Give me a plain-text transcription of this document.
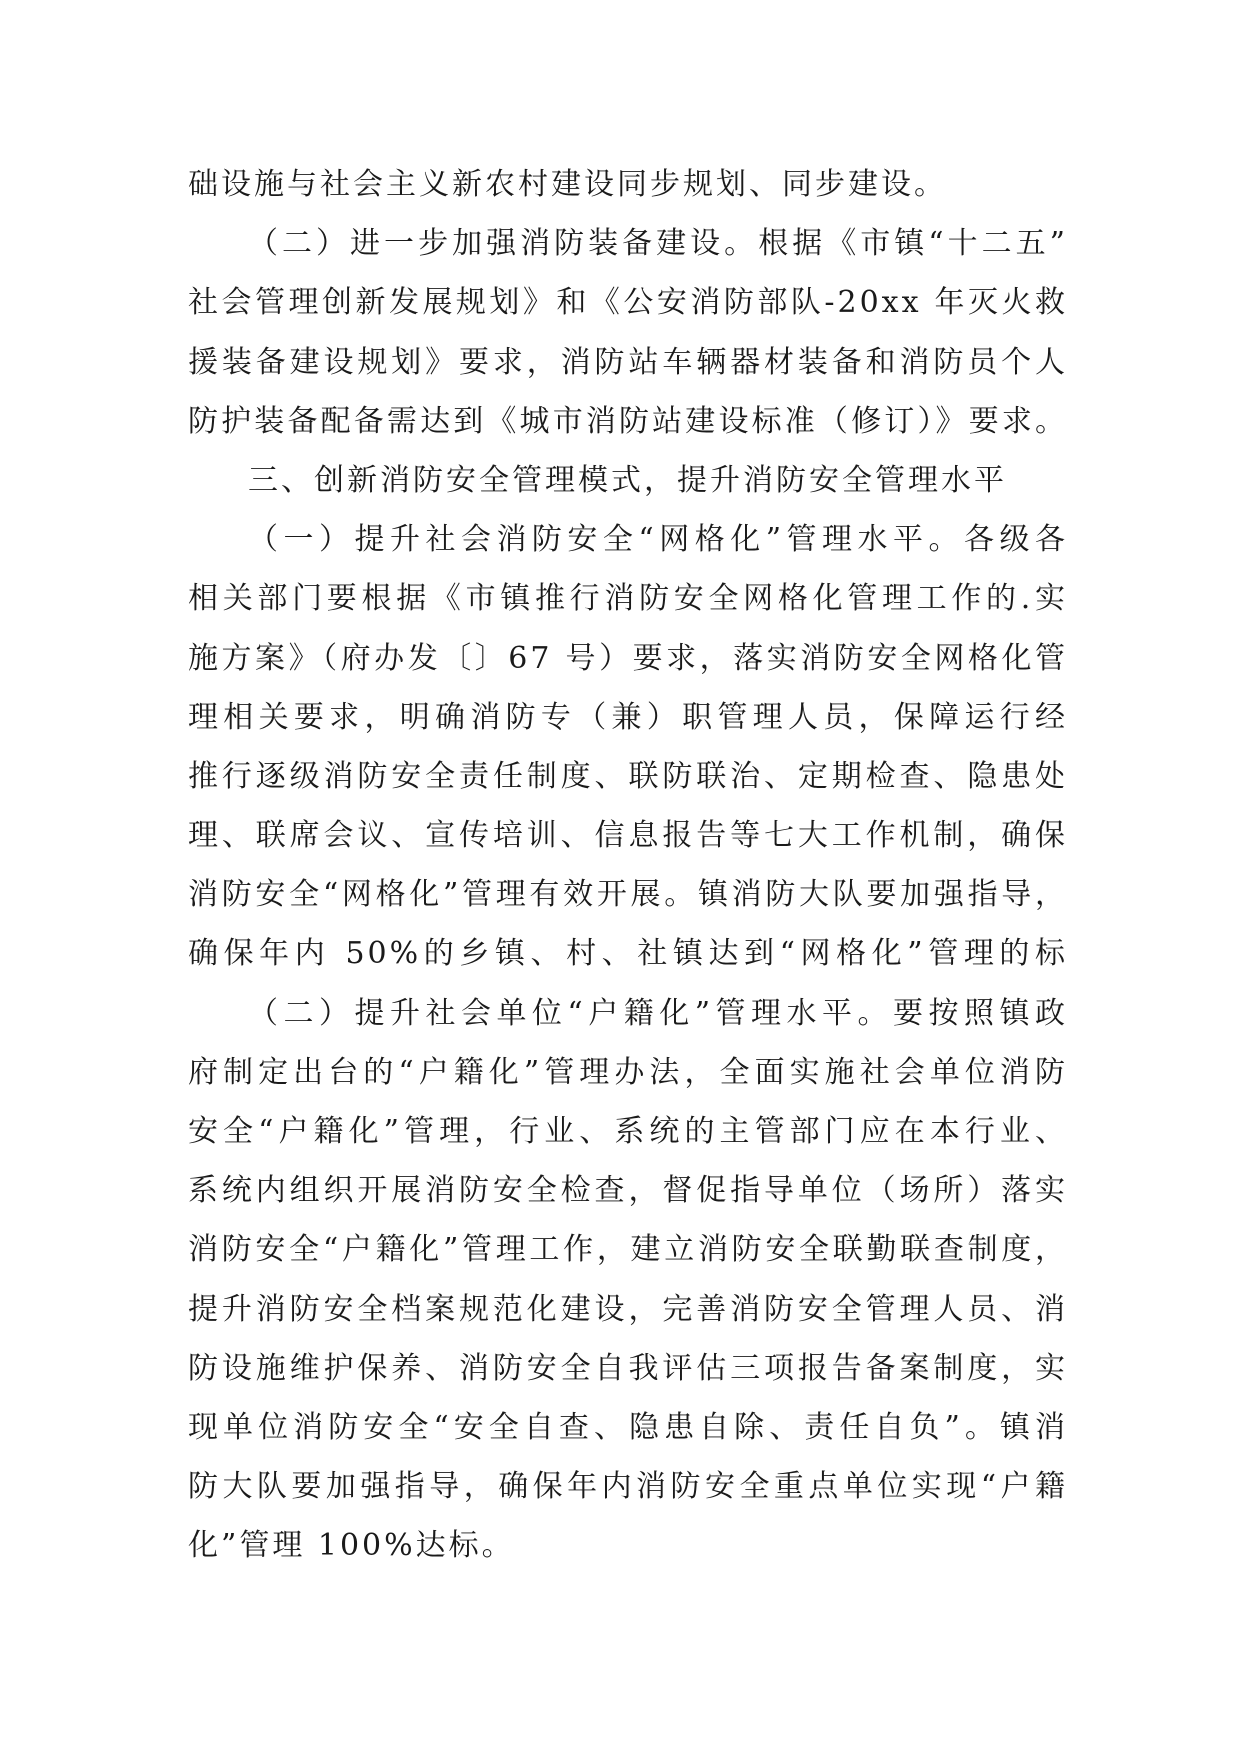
础设施与社会主义新农村建设同步规划、同步建设。
（二）进一步加强消防装备建设。根据《市镇“十二五”
社会管理创新发展规划》和《公安消防部队-20xx 年灭火救
援装备建设规划》要求，消防站车辆器材装备和消防员个人
防护装备配备需达到《城市消防站建设标准（修订）》要求。
三、创新消防安全管理模式，提升消防安全管理水平
（一）提升社会消防安全“网格化”管理水平。各级各
相关部门要根据《市镇推行消防安全网格化管理工作的.实
施方案》（府办发〔〕67 号）要求，落实消防安全网格化管
理相关要求，明确消防专（兼）职管理人员，保障运行经
推行逐级消防安全责任制度、联防联治、定期检查、隐患处
理、联席会议、宣传培训、信息报告等七大工作机制，确保
消防安全“网格化”管理有效开展。镇消防大队要加强指导，
确保年内 50%的乡镇、村、社镇达到“网格化”管理的标
（二）提升社会单位“户籍化”管理水平。要按照镇政
府制定出台的“户籍化”管理办法，全面实施社会单位消防
安全“户籍化”管理，行业、系统的主管部门应在本行业、
系统内组织开展消防安全检查，督促指导单位（场所）落实
消防安全“户籍化”管理工作，建立消防安全联勤联查制度，
提升消防安全档案规范化建设，完善消防安全管理人员、消
防设施维护保养、消防安全自我评估三项报告备案制度，实
现单位消防安全“安全自查、隐患自除、责任自负”。镇消
防大队要加强指导，确保年内消防安全重点单位实现“户籍
化”管理 100%达标。
